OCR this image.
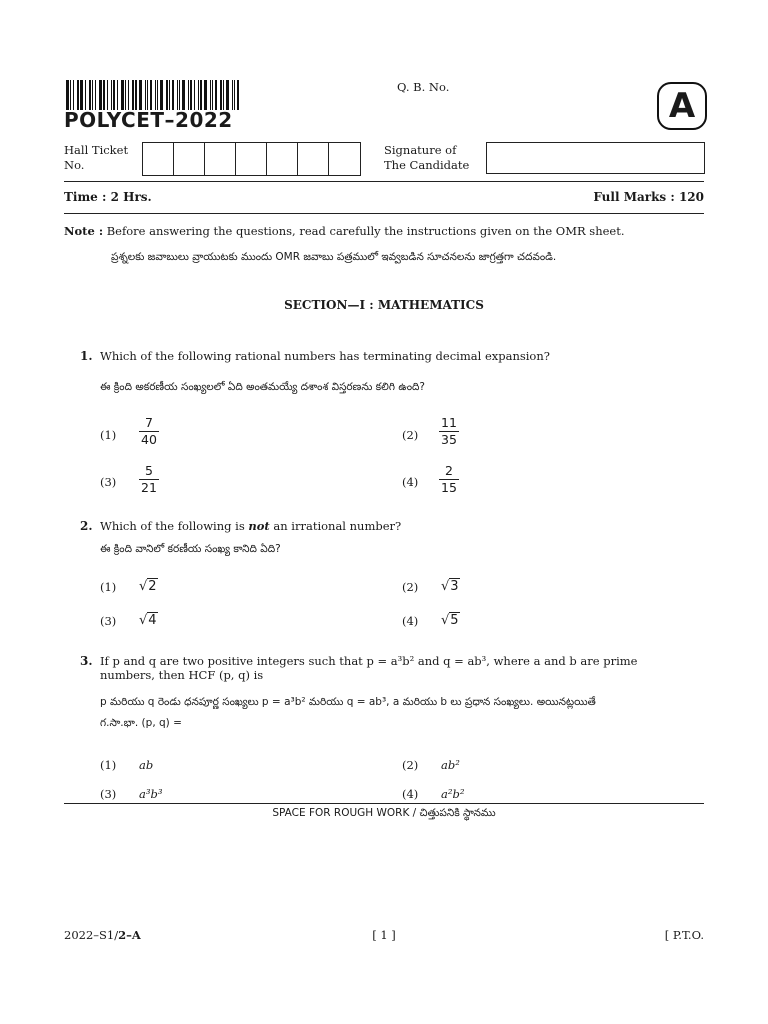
POLYCET–2022
Q. B. No.	A
Hall Ticket
No.
Signature of
The Candidate
Time : 2 Hrs.	Full Marks : 120
Note : Before answering the questions, read carefully the instructions given on the OMR sheet.
ప్రశ్నలకు జవాబులు వ్రాయుటకు ముందు OMR జవాబు పత్రములో ఇవ్వబడిన సూచనలను జాగ్రత్తగా చదవండి.
SECTION—I : MATHEMATICS
1. Which of the following rational numbers has terminating decimal expansion?
ఈ క్రింది అకరణీయ సంఖ్యలలో ఏది అంతమయ్యే దశాంశ విస్తరణను కలిగి ఉంది?
$(1) \frac{7}{40}$	$(2) \frac{11}{35}$
$(3) \frac{5}{21}$	$(4) \frac{2}{15}$
2. Which of the following is not an irrational number?
ఈ క్రింది వానిలో కరణీయ సంఖ్య కానిది ఏది?
(1) √2	(2) √3
(3) √4	(4) √5
3. If p and q are two positive integers such that p = a³b² and q = ab³, where a and b are prime
numbers, then HCF (p, q) is
p మరియు q రెండు ధనపూర్ణ సంఖ్యలు p = a³b² మరియు q = ab³, a మరియు b లు ప్రధాన సంఖ్యలు. అయినట్లయితే
గ.సా.భా. (p, q) =
(1) ab	(2) ab²
(3) a³b³	(4) a²b²
SPACE FOR ROUGH WORK / చిత్తుపనికి స్థానము
2022–S1/2–A	[ 1 ]	[ P.T.O.
